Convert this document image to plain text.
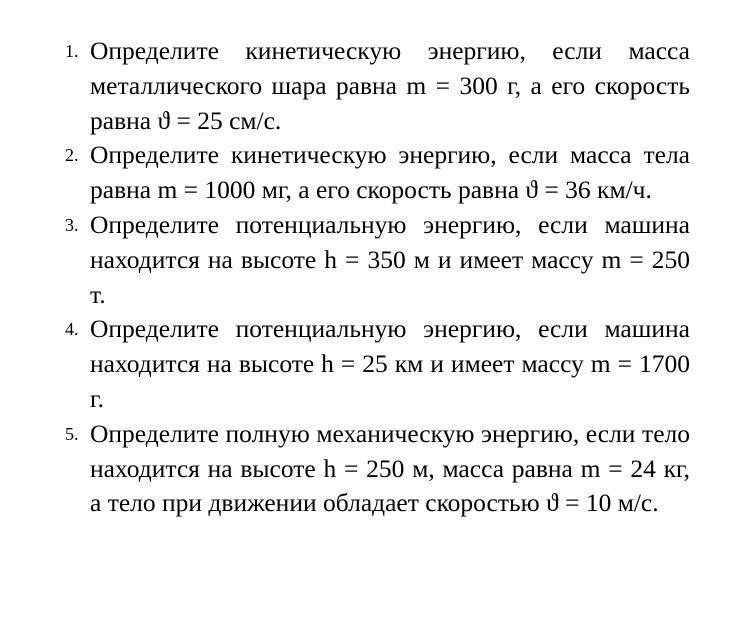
1. Определите кинетическую энергию, если масса металлического шара равна m = 300 г, а его скорость равна ϑ = 25 см/с.
2. Определите кинетическую энергию, если масса тела равна m = 1000 мг, а его скорость равна ϑ = 36 км/ч.
3. Определите потенциальную энергию, если машина находится на высоте h = 350 м и имеет массу m = 250 т.
4. Определите потенциальную энергию, если машина находится на высоте h = 25 км и имеет массу m = 1700 г.
5. Определите полную механическую энергию, если тело находится на высоте h = 250 м, масса равна m = 24 кг, а тело при движении обладает скоростью ϑ = 10 м/с.
